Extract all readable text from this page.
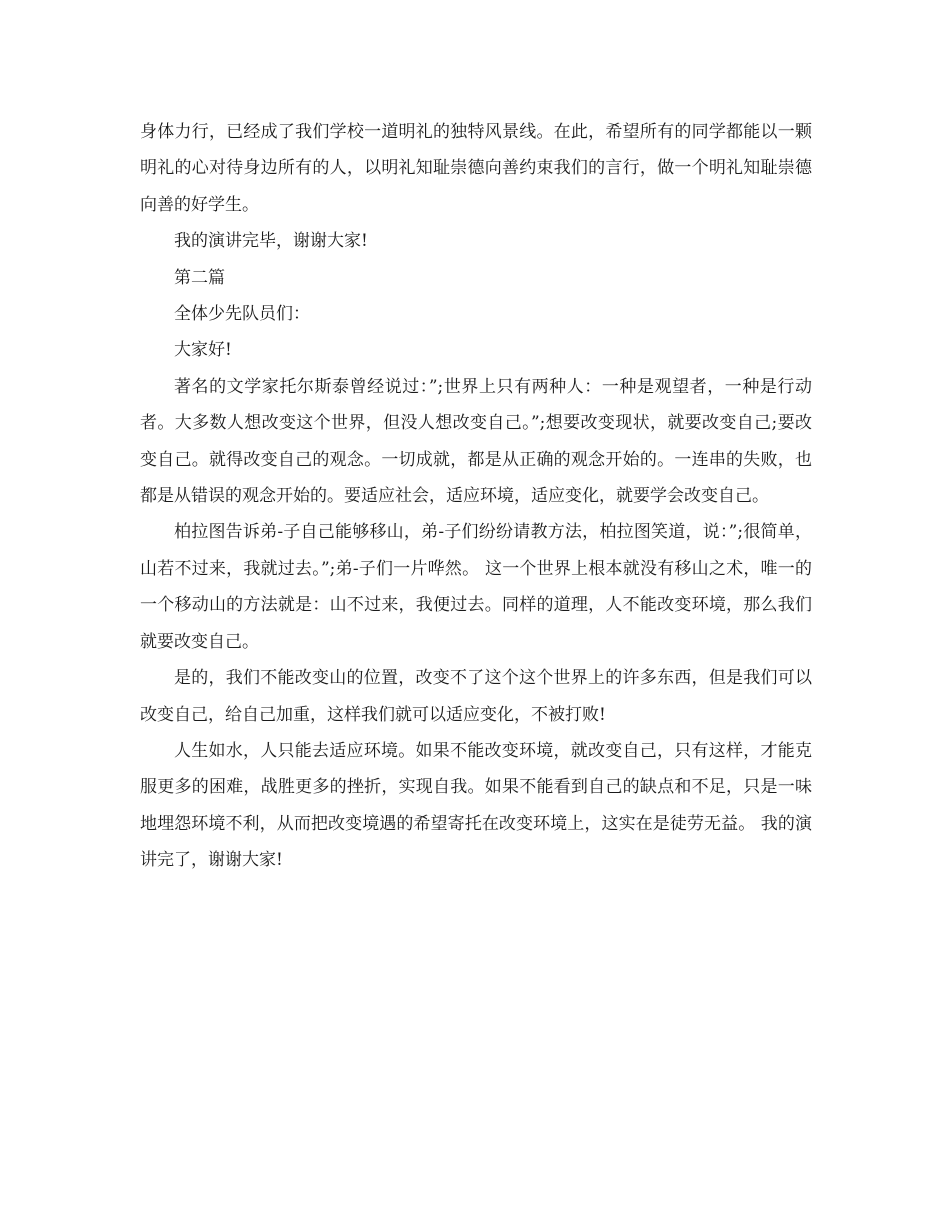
身体力行，已经成了我们学校一道明礼的独特风景线。在此，希望所有的同学都能以一颗明礼的心对待身边所有的人，以明礼知耻崇德向善约束我们的言行，做一个明礼知耻崇德向善的好学生。

我的演讲完毕，谢谢大家!

第二篇

全体少先队员们：

大家好!

著名的文学家托尔斯泰曾经说过：”;世界上只有两种人：一种是观望者，一种是行动者。大多数人想改变这个世界，但没人想改变自己。”;想要改变现状，就要改变自己;要改变自己。就得改变自己的观念。一切成就，都是从正确的观念开始的。一连串的失败，也都是从错误的观念开始的。要适应社会，适应环境，适应变化，就要学会改变自己。

柏拉图告诉弟-子自己能够移山，弟-子们纷纷请教方法，柏拉图笑道，说：”;很简单，山若不过来，我就过去。”;弟-子们一片哗然。 这一个世界上根本就没有移山之术，唯一的一个移动山的方法就是：山不过来，我便过去。同样的道理，人不能改变环境，那么我们就要改变自己。

是的，我们不能改变山的位置，改变不了这个这个世界上的许多东西，但是我们可以改变自己，给自己加重，这样我们就可以适应变化，不被打败!

人生如水，人只能去适应环境。如果不能改变环境，就改变自己，只有这样，才能克服更多的困难，战胜更多的挫折，实现自我。如果不能看到自己的缺点和不足，只是一味地埋怨环境不利，从而把改变境遇的希望寄托在改变环境上，这实在是徒劳无益。 我的演讲完了，谢谢大家!
